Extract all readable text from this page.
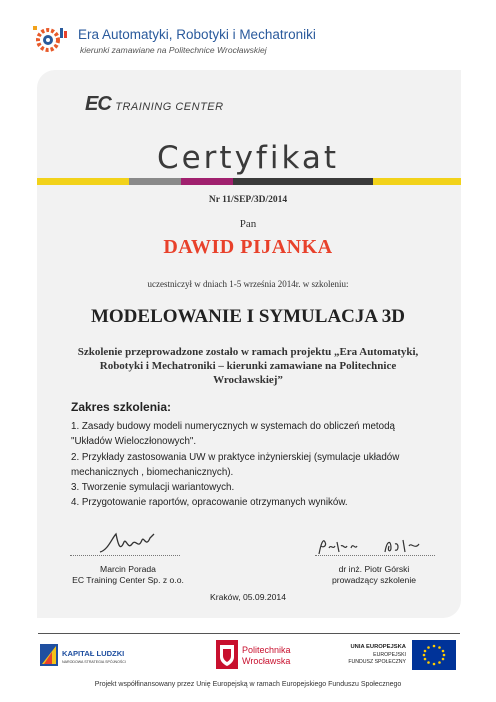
Era Automatyki, Robotyki i Mechatroniki
kierunki zamawiane na Politechnice Wrocławskiej
EC TRAINING CENTER
Certyfikat
Nr 11/SEP/3D/2014
Pan
DAWID PIJANKA
uczestniczył w dniach 1-5 września 2014r. w szkoleniu:
MODELOWANIE I SYMULACJA 3D
Szkolenie przeprowadzone zostało w ramach projektu „Era Automatyki, Robotyki i Mechatroniki – kierunki zamawiane na Politechnice Wrocławskiej”
Zakres szkolenia:
1. Zasady budowy modeli numerycznych w systemach do obliczeń metodą "Układów Wieloczłonowych".
2. Przykłady zastosowania UW w praktyce inżynierskiej (symulacje układów mechanicznych , biomechanicznych).
3. Tworzenie symulacji wariantowych.
4. Przygotowanie raportów, opracowanie otrzymanych wyników.
Marcin Porada
EC Training Center Sp. z o.o.
dr inż. Piotr Górski
prowadzący szkolenie
Kraków, 05.09.2014
KAPITAŁ LUDZKI
NARODOWA STRATEGIA SPÓJNOŚCI
Politechnika
Wrocławska
UNIA EUROPEJSKA
EUROPEJSKI
FUNDUSZ SPOŁECZNY
Projekt współfinansowany przez Unię Europejską w ramach Europejskiego Funduszu Społecznego
